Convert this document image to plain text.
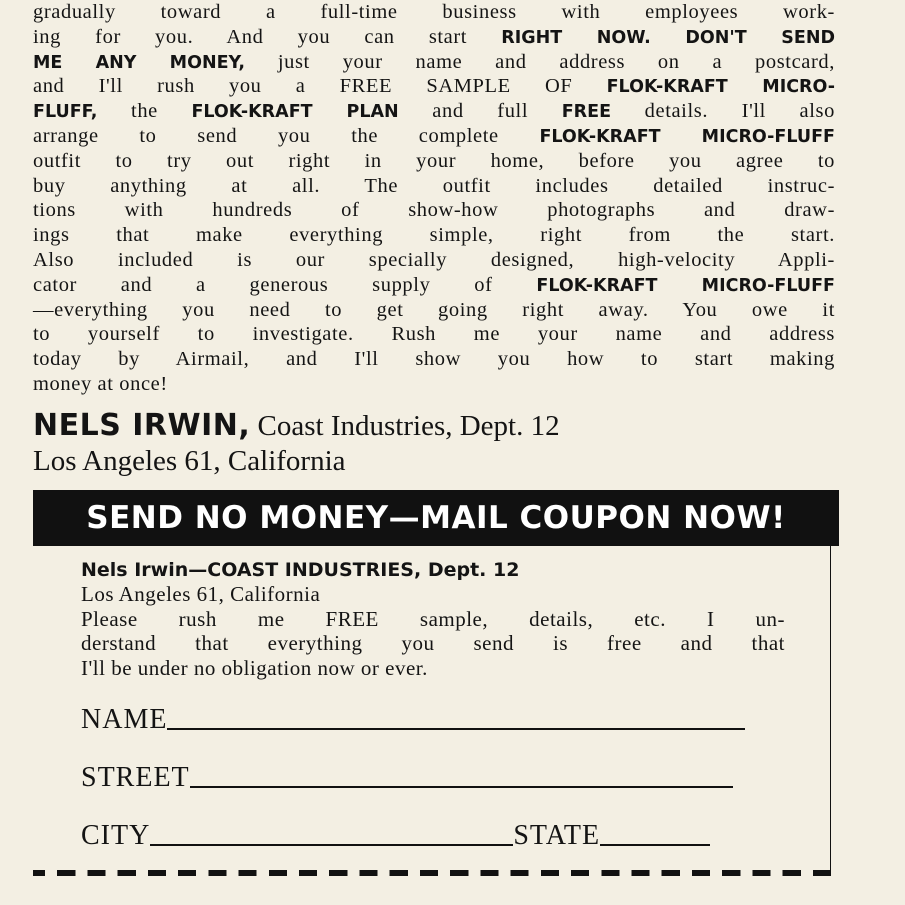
gradually toward a full-time business with employees work-
ing for you. And you can start RIGHT NOW. DON'T SEND
ME ANY MONEY, just your name and address on a postcard,
and I'll rush you a FREE SAMPLE OF FLOK-KRAFT MICRO-
FLUFF, the FLOK-KRAFT PLAN and full FREE details. I'll also
arrange to send you the complete FLOK-KRAFT MICRO-FLUFF
outfit to try out right in your home, before you agree to
buy anything at all. The outfit includes detailed instruc-
tions with hundreds of show-how photographs and draw-
ings that make everything simple, right from the start.
Also included is our specially designed, high-velocity Appli-
cator and a generous supply of FLOK-KRAFT MICRO-FLUFF
—everything you need to get going right away. You owe it
to yourself to investigate. Rush me your name and address
today by Airmail, and I'll show you how to start making
money at once!
NELS IRWIN, Coast Industries, Dept. 12
Los Angeles 61, California
SEND NO MONEY—MAIL COUPON NOW!
Nels Irwin—COAST INDUSTRIES, Dept. 12
Los Angeles 61, California
Please rush me FREE sample, details, etc. I un-
derstand that everything you send is free and that
I'll be under no obligation now or ever.
NAME
STREET
CITY	STATE
